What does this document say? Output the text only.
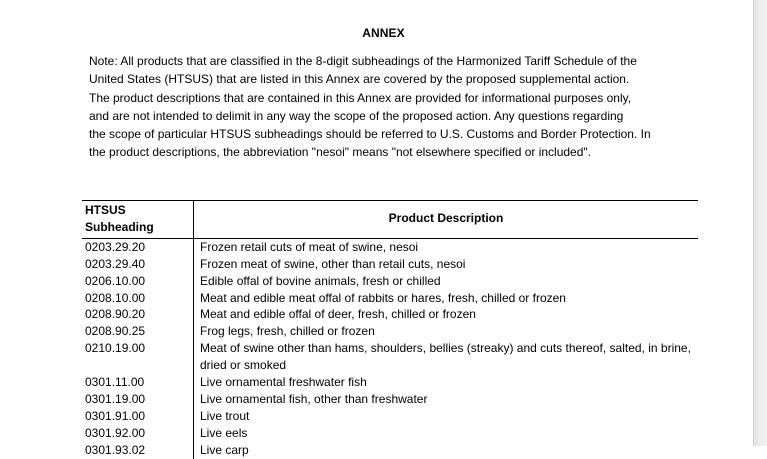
ANNEX

Note: All products that are classified in the 8-digit subheadings of the Harmonized Tariff Schedule of the
United States (HTSUS) that are listed in this Annex are covered by the proposed supplemental action.
The product descriptions that are contained in this Annex are provided for informational purposes only,
and are not intended to delimit in any way the scope of the proposed action. Any questions regarding
the scope of particular HTSUS subheadings should be referred to U.S. Customs and Border Protection. In
the product descriptions, the abbreviation "nesoi" means "not elsewhere specified or included".

HTSUS
Subheading	Product Description
0203.29.20	Frozen retail cuts of meat of swine, nesoi
0203.29.40	Frozen meat of swine, other than retail cuts, nesoi
0206.10.00	Edible offal of bovine animals, fresh or chilled
0208.10.00	Meat and edible meat offal of rabbits or hares, fresh, chilled or frozen
0208.90.20	Meat and edible offal of deer, fresh, chilled or frozen
0208.90.25	Frog legs, fresh, chilled or frozen
0210.19.00	Meat of swine other than hams, shoulders, bellies (streaky) and cuts thereof, salted, in brine, dried or smoked
0301.11.00	Live ornamental freshwater fish
0301.19.00	Live ornamental fish, other than freshwater
0301.91.00	Live trout
0301.92.00	Live eels
0301.93.02	Live carp
